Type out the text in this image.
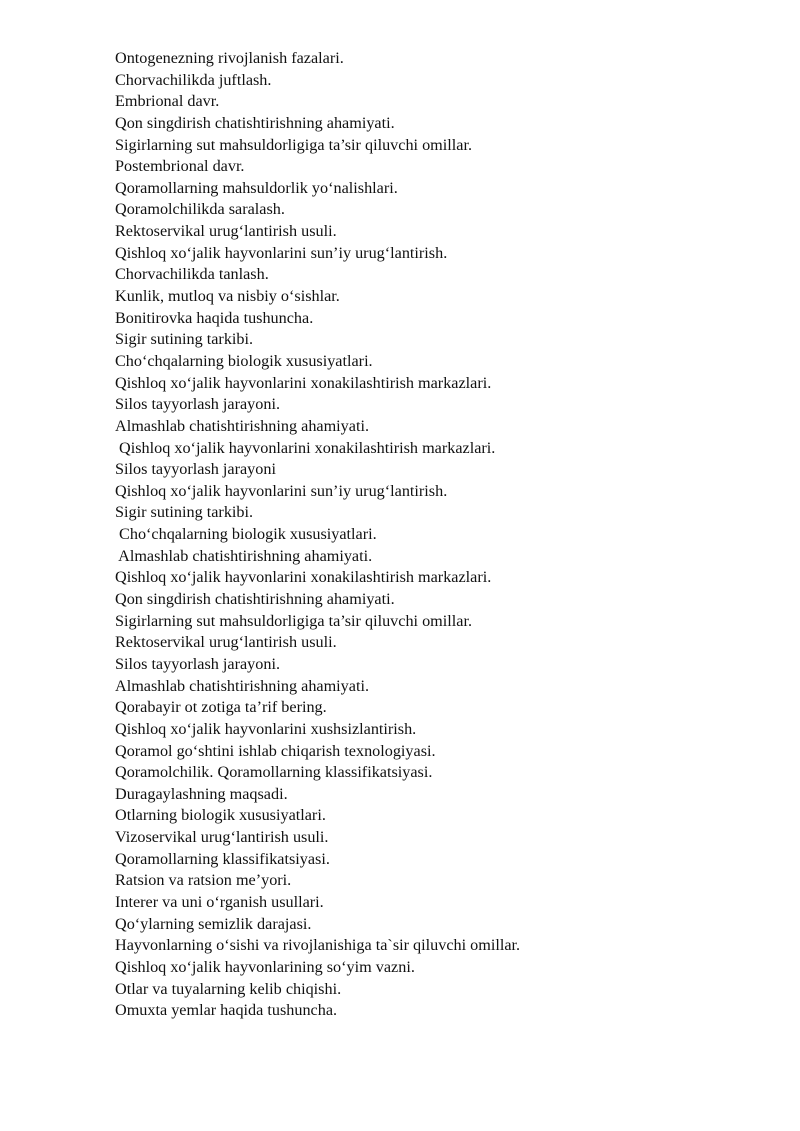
Ontogenezning rivojlanish fazalari.
Chorvachilikda juftlash.
Embrional davr.
Qon singdirish chatishtirishning ahamiyati.
Sigirlarning sut mahsuldorligiga ta’sir qiluvchi omillar.
Postembrional davr.
Qoramollarning mahsuldorlik yo‘nalishlari.
Qoramolchilikda saralash.
Rektoservikal urug‘lantirish usuli.
Qishloq xo‘jalik hayvonlarini sun’iy urug‘lantirish.
Chorvachilikda tanlash.
Kunlik, mutloq va nisbiy o‘sishlar.
Bonitirovka haqida tushuncha.
Sigir sutining tarkibi.
Cho‘chqalarning biologik xususiyatlari.
Qishloq xo‘jalik hayvonlarini xonakilashtirish markazlari.
Silos tayyorlash jarayoni.
Almashlab chatishtirishning ahamiyati.
Qishloq xo‘jalik hayvonlarini xonakilashtirish markazlari.
Silos tayyorlash jarayoni
Qishloq xo‘jalik hayvonlarini sun’iy urug‘lantirish.
Sigir sutining tarkibi.
Cho‘chqalarning biologik xususiyatlari.
Almashlab chatishtirishning ahamiyati.
Qishloq xo‘jalik hayvonlarini xonakilashtirish markazlari.
Qon singdirish chatishtirishning ahamiyati.
Sigirlarning sut mahsuldorligiga ta’sir qiluvchi omillar.
Rektoservikal urug‘lantirish usuli.
Silos tayyorlash jarayoni.
Almashlab chatishtirishning ahamiyati.
Qorabayir ot zotiga ta’rif bering.
Qishloq xo‘jalik hayvonlarini xushsizlantirish.
Qoramol go‘shtini ishlab chiqarish texnologiyasi.
Qoramolchilik. Qoramollarning klassifikatsiyasi.
Duragaylashning maqsadi.
Otlarning biologik xususiyatlari.
Vizoservikal urug‘lantirish usuli.
Qoramollarning klassifikatsiyasi.
Ratsion va ratsion me’yori.
Interer va uni o‘rganish usullari.
Qo‘ylarning semizlik darajasi.
Hayvonlarning o‘sishi va rivojlanishiga ta`sir qiluvchi omillar.
Qishloq xo‘jalik hayvonlarining so‘yim vazni.
Otlar va tuyalarning kelib chiqishi.
Omuxta yemlar haqida tushuncha.
